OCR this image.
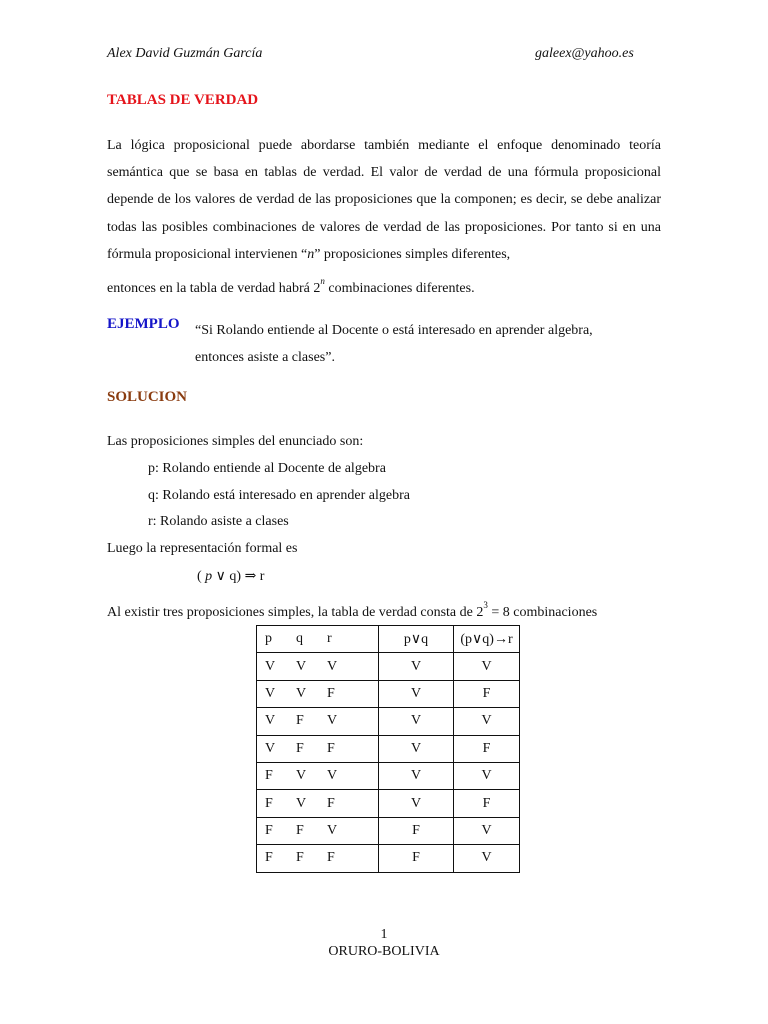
Alex David Guzmán García	galeex@yahoo.es
TABLAS DE VERDAD

La lógica proposicional puede abordarse también mediante el enfoque denominado teoría semántica que se basa en tablas de verdad. El valor de verdad de una fórmula proposicional depende de los valores de verdad de las proposiciones que la componen; es decir, se debe analizar todas las posibles combinaciones de valores de verdad de las proposiciones. Por tanto si en una fórmula proposicional intervienen “n” proposiciones simples diferentes,
entonces en la tabla de verdad habrá 2$^n$ combinaciones diferentes.

EJEMPLO “Si Rolando entiende al Docente o está interesado en aprender algebra,
entonces asiste a clases”.

SOLUCION
Las proposiciones simples del enunciado son:
p: Rolando entiende al Docente de algebra
q: Rolando está interesado en aprender algebra
r: Rolando asiste a clases
Luego la representación formal es
( p ∨ q) ⇒ r
Al existir tres proposiciones simples, la tabla de verdad consta de $2^3 = 8$ combinaciones
p q r	p∨q	(p∨q)→r
V V V	V	V
V V F	V	F
V F V	V	V
V F F	V	F
F V V	V	V
F V F	V	F
F F V	F	V
F F F	F	V
1
ORURO-BOLIVIA
